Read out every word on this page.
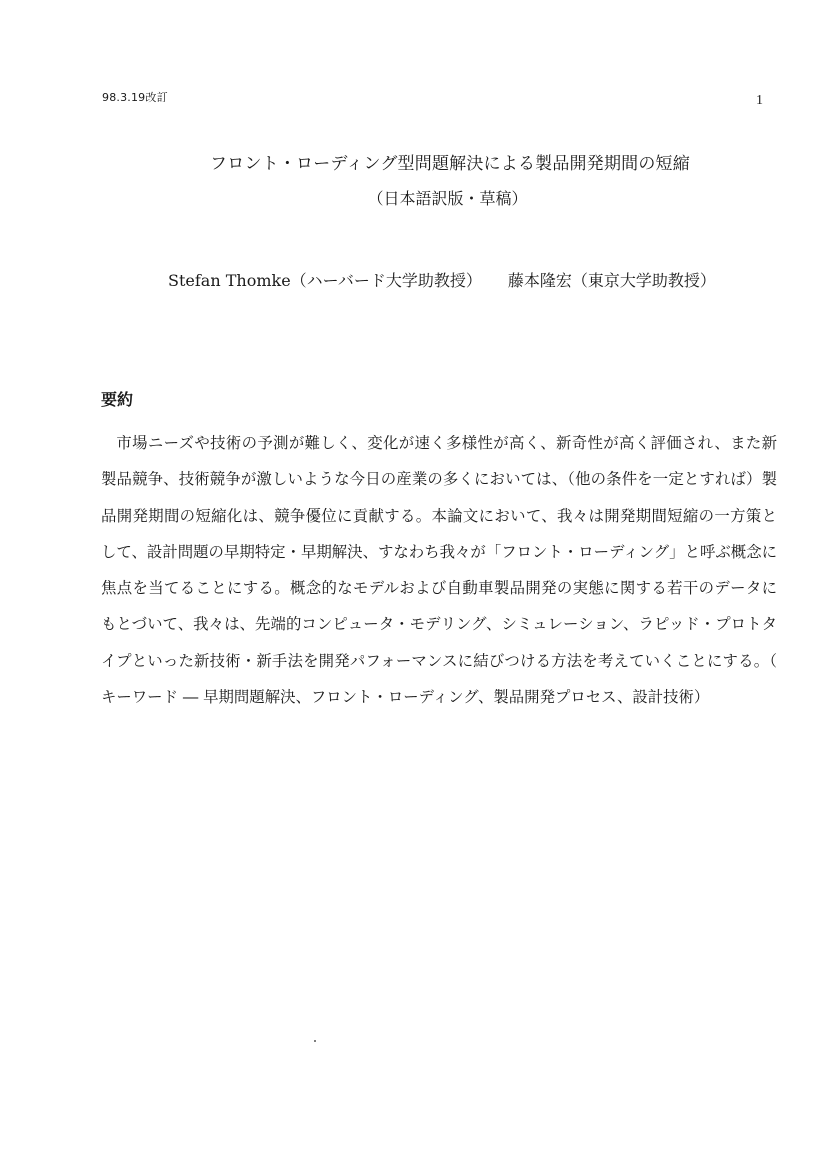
98.3.19改訂	1
フロント・ローディング型問題解決による製品開発期間の短縮
（日本語訳版・草稿）
Stefan Thomke（ハーバード大学助教授） 藤本隆宏（東京大学助教授）
要約

市場ニーズや技術の予測が難しく、変化が速く多様性が高く、新奇性が高く評価され、また新製品競争、技術競争が激しいような今日の産業の多くにおいては、（他の条件を一定とすれば）製品開発期間の短縮化は、競争優位に貢献する。本論文において、我々は開発期間短縮の一方策として、設計問題の早期特定・早期解決、すなわち我々が「フロント・ローディング」と呼ぶ概念に焦点を当てることにする。概念的なモデルおよび自動車製品開発の実態に関する若干のデータにもとづいて、我々は、先端的コンピュータ・モデリング、シミュレーション、ラピッド・プロトタイプといった新技術・新手法を開発パフォーマンスに結びつける方法を考えていくことにする。（キーワード ― 早期問題解決、フロント・ローディング、製品開発プロセス、設計技術）
